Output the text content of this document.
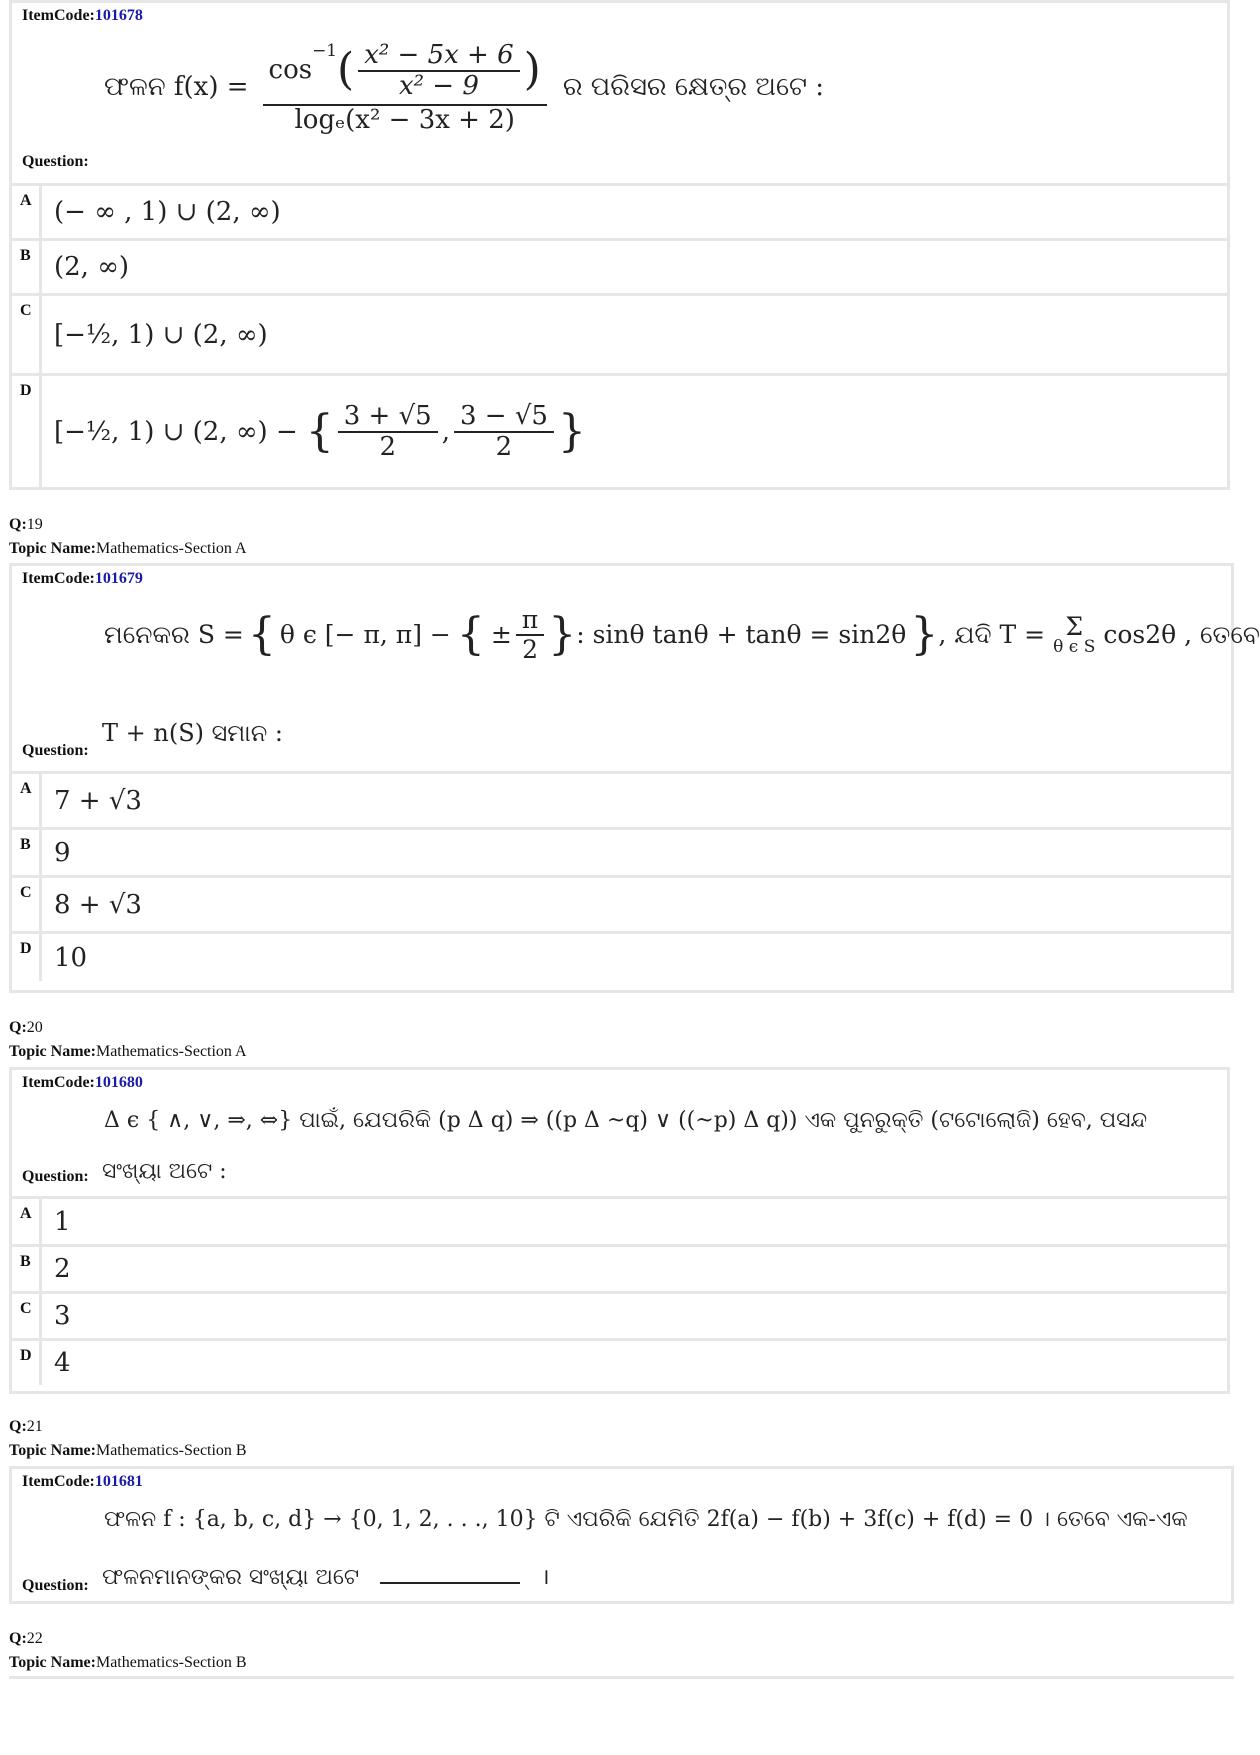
ItemCode:101678
ଫଳନ f(x) =
cos
$^{-1}$ ( $\frac{\text{x² − 5x + 6}}{\text{x² − 9}}$ )
logₑ(x² − 3x + 2)
ର ପରିସର କ୍ଷେତ୍ର ଅଟେ :
Question:
A (− ∞ , 1) ∪ (2, ∞)
B (2, ∞)
C
[−½, 1) ∪ (2, ∞)
D
[−½, 1) ∪ (2, ∞) − { $\frac{3 + √5}{2}$ , $\frac{3 - √5}{2}$ }
Q:19
Topic Name:Mathematics-Section A
ItemCode:101679
ମନେକର S = { θ ϵ [− π, π] − { ± $\frac{\pi}{2}$ } : sinθ tanθ + tanθ = sin2θ } , ଯଦି T = Σ
θ ϵ S cos2θ , ତେବେ
Question:
T + n(S) ସମାନ :
A 7 + √3
B 9
C 8 + √3
D 10
Q:20
Topic Name:Mathematics-Section A
ItemCode:101680
Δ ϵ { ∧, ∨, ⇒, ⇔} ପାଇଁ, ଯେପରିକି (p Δ q) ⇒ ((p Δ ~q) ∨ ((~p) Δ q)) ଏକ ପୁନରୁକ୍ତି (ଟଟୋଲୋଜି) ହେବ, ପସନ୍ଦ
Question: ସଂଖ୍ୟା ଅଟେ :
A 1
B 2
C 3
D 4
Q:21
Topic Name:Mathematics-Section B
ItemCode:101681
ଫଳନ f : {a, b, c, d} → {0, 1, 2, . . ., 10} ଟି ଏପରିକି ଯେମିତି 2f(a) − f(b) + 3f(c) + f(d) = 0 । ତେବେ ଏକ-ଏକ
Question: ଫଳନମାନଙ୍କର ସଂଖ୍ୟା ଅଟେ	।
Q:22
Topic Name:Mathematics-Section B
